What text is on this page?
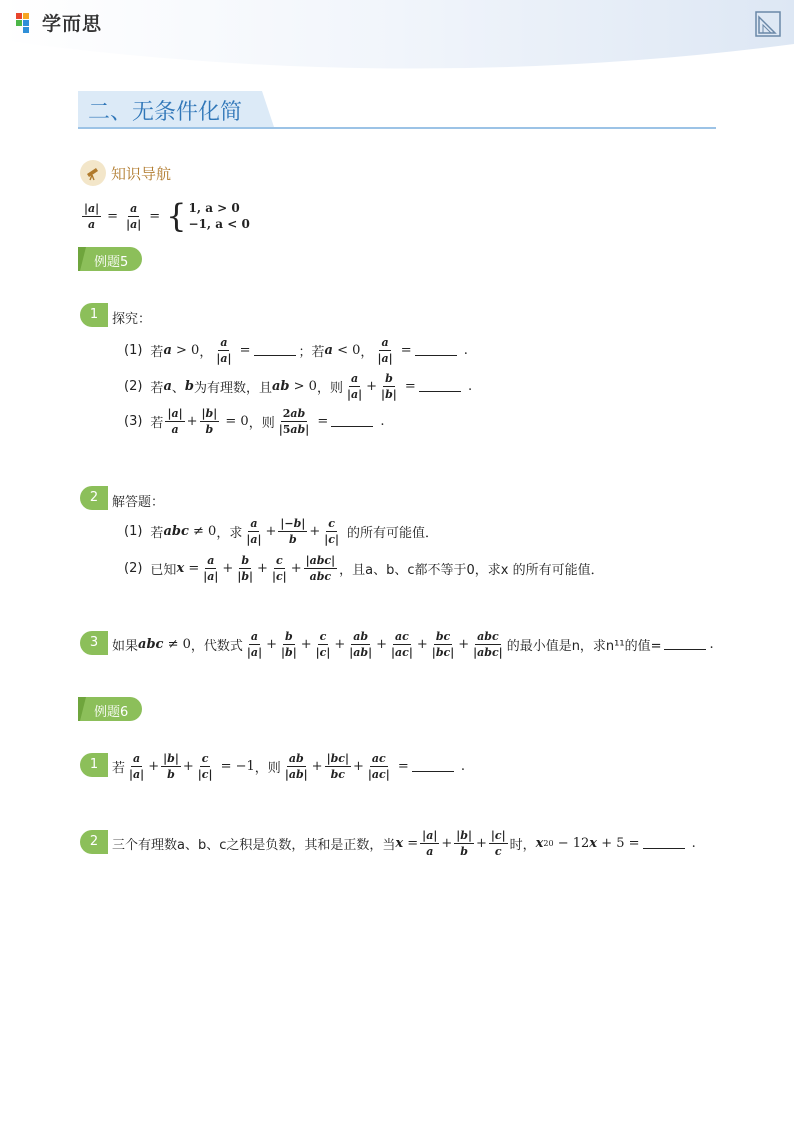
学而思
二、无条件化简
知识导航
$\frac{|a|}{a} = \frac{a}{|a|}$ = { 1, a > 0
−1, a < 0
例题5
1	探究：
(1) 若 a > 0 ， $\frac{a}{|a|}$ =	；若 a < 0 ， $\frac{a}{|a|}$ =	.
(2) 若 a 、 b 为有理数，且 ab > 0 ，则 $\frac{a}{|a|} + \frac{b}{|b|}$ =	.
(3) 若 $\frac{|a|}{a} + \frac{|b|}{b} = 0$ ，则 $\frac{2ab}{|5ab|}$ =	.
2	解答题：
(1) 若 abc ≠ 0 ，求 $\frac{a}{|a|} + \frac{|-b|}{b} + \frac{c}{|c|}$ 的所有可能值．
(2) 已知 $x = \frac{a}{|a|} + \frac{b}{|b|} + \frac{c}{|c|} + \frac{\text{|abc|}}{\text{abc}}$ ，且a、b、c都不等于0，求x 的所有可能值．
3	如果 abc ≠ 0 ，代数式 $\frac{a}{|a|} + \frac{b}{|b|} + \frac{c}{|c|} + \frac{ab}{|ab|} + \frac{ac}{|ac|} + \frac{bc}{|bc|} + \frac{\text{abc}}{\text{|abc|}}$ 的最小值是n，求n¹¹的值=	.
例题6
1	若 $\frac{a}{|a|} + \frac{|b|}{b} + \frac{c}{|c|} = -1$ ，则 $\frac{ab}{|ab|} + \frac{|bc|}{bc} + \frac{ac}{|ac|}$ =	.
2	三个有理数a、b、c之积是负数，其和是正数，当 $x = \frac{|a|}{a} + \frac{|b|}{b} + \frac{|c|}{c}$ 时， x 20 − 12 x + 5 =	.
